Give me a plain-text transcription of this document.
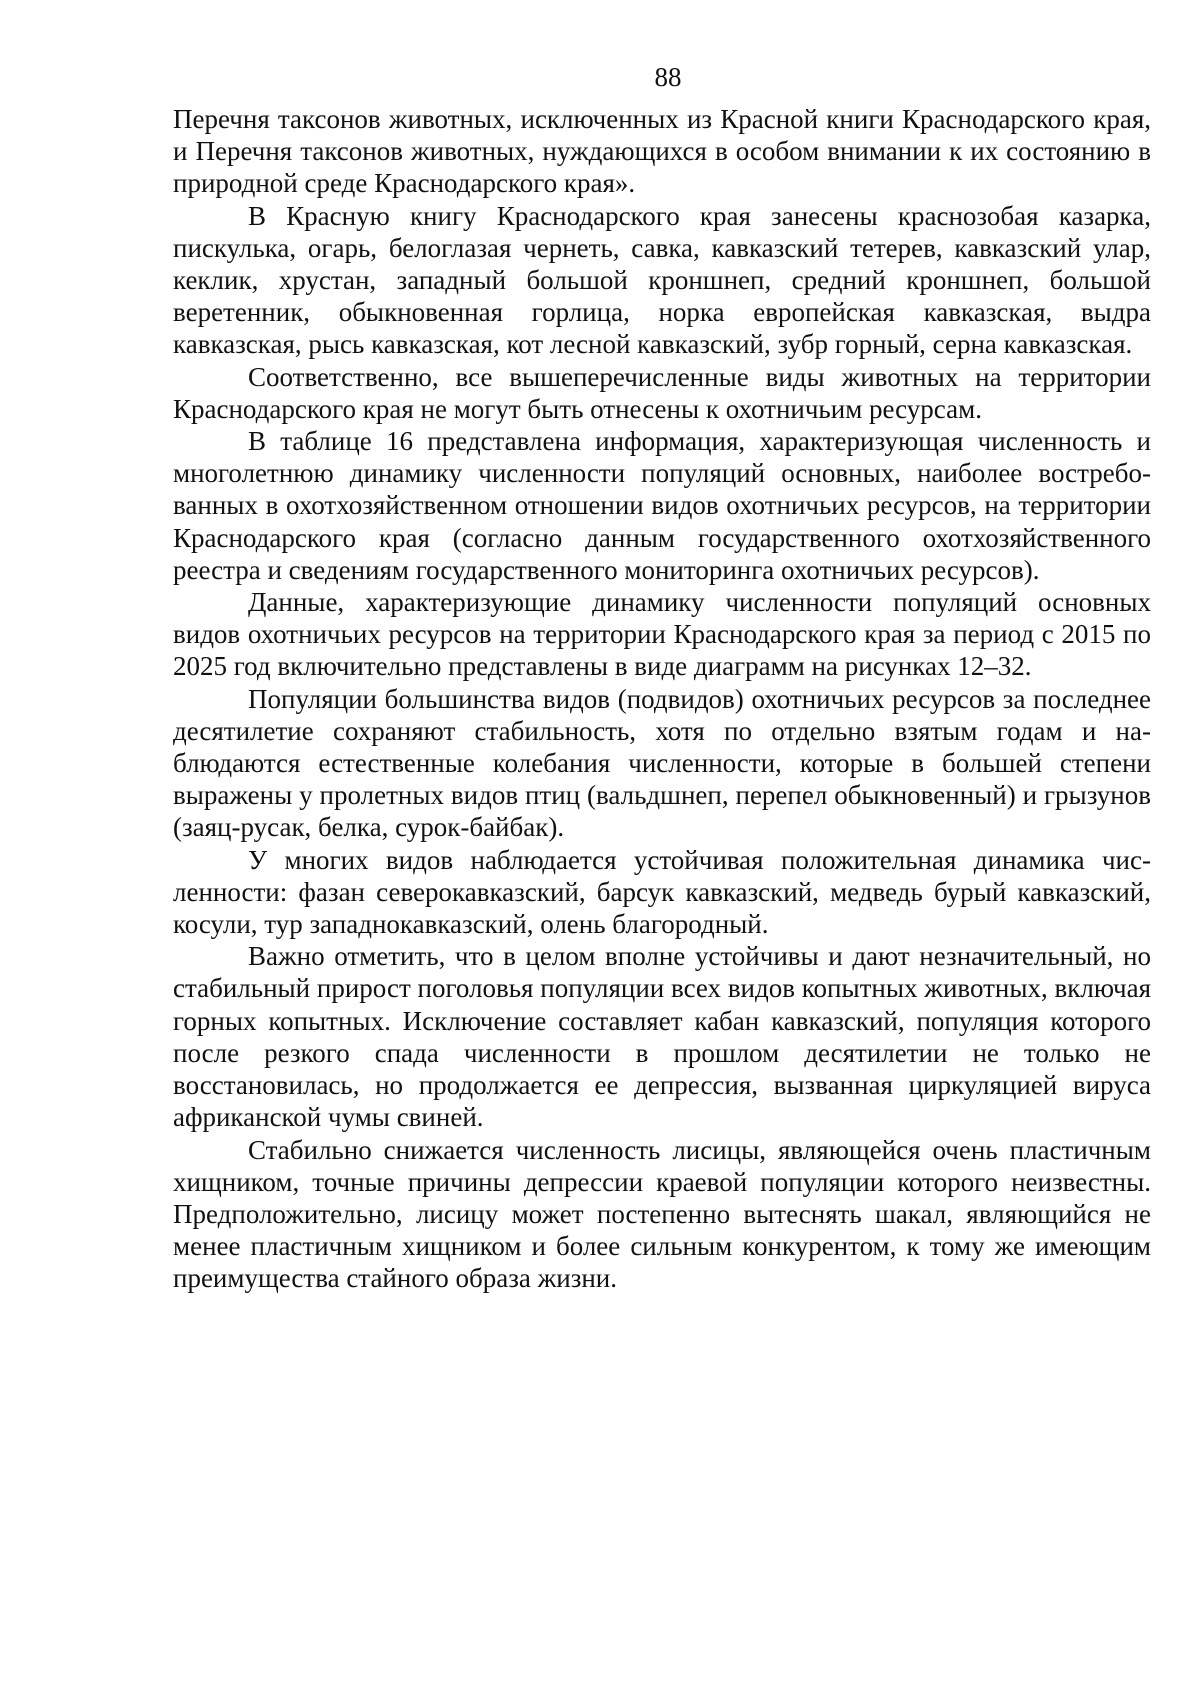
88

Перечня таксонов животных, исключенных из Красной книги Краснодарского края, и Перечня таксонов животных, нуждающихся в особом внимании к их состоянию в природной среде Краснодарского края».

В Красную книгу Краснодарского края занесены краснозобая казарка, пискулька, огарь, белоглазая чернеть, савка, кавказский тетерев, кавказский улар, кеклик, хрустан, западный большой кроншнеп, средний кроншнеп, большой веретенник, обыкновенная горлица, норка европейская кавказская, выдра кавказская, рысь кавказская, кот лесной кавказский, зубр горный, серна кавказская.

Соответственно, все вышеперечисленные виды животных на территории Краснодарского края не могут быть отнесены к охотничьим ресурсам.

В таблице 16 представлена информация, характеризующая численность и многолетнюю динамику численности популяций основных, наиболее востребованных в охотхозяйственном отношении видов охотничьих ресурсов, на территории Краснодарского края (согласно данным государственного охотхозяйственного реестра и сведениям государственного мониторинга охотничьих ресурсов).

Данные, характеризующие динамику численности популяций основных видов охотничьих ресурсов на территории Краснодарского края за период с 2015 по 2025 год включительно представлены в виде диаграмм на рисунках 12–32.

Популяции большинства видов (подвидов) охотничьих ресурсов за последнее десятилетие сохраняют стабильность, хотя по отдельно взятым годам и наблюдаются естественные колебания численности, которые в большей степени выражены у пролетных видов птиц (вальдшнеп, перепел обыкновенный) и грызунов (заяц-русак, белка, сурок-байбак).

У многих видов наблюдается устойчивая положительная динамика численности: фазан северокавказский, барсук кавказский, медведь бурый кавказский, косули, тур западнокавказский, олень благородный.

Важно отметить, что в целом вполне устойчивы и дают незначительный, но стабильный прирост поголовья популяции всех видов копытных животных, включая горных копытных. Исключение составляет кабан кавказский, популяция которого после резкого спада численности в прошлом десятилетии не только не восстановилась, но продолжается ее депрессия, вызванная циркуляцией вируса африканской чумы свиней.

Стабильно снижается численность лисицы, являющейся очень пластичным хищником, точные причины депрессии краевой популяции которого неизвестны. Предположительно, лисицу может постепенно вытеснять шакал, являющийся не менее пластичным хищником и более сильным конкурентом, к тому же имеющим преимущества стайного образа жизни.
